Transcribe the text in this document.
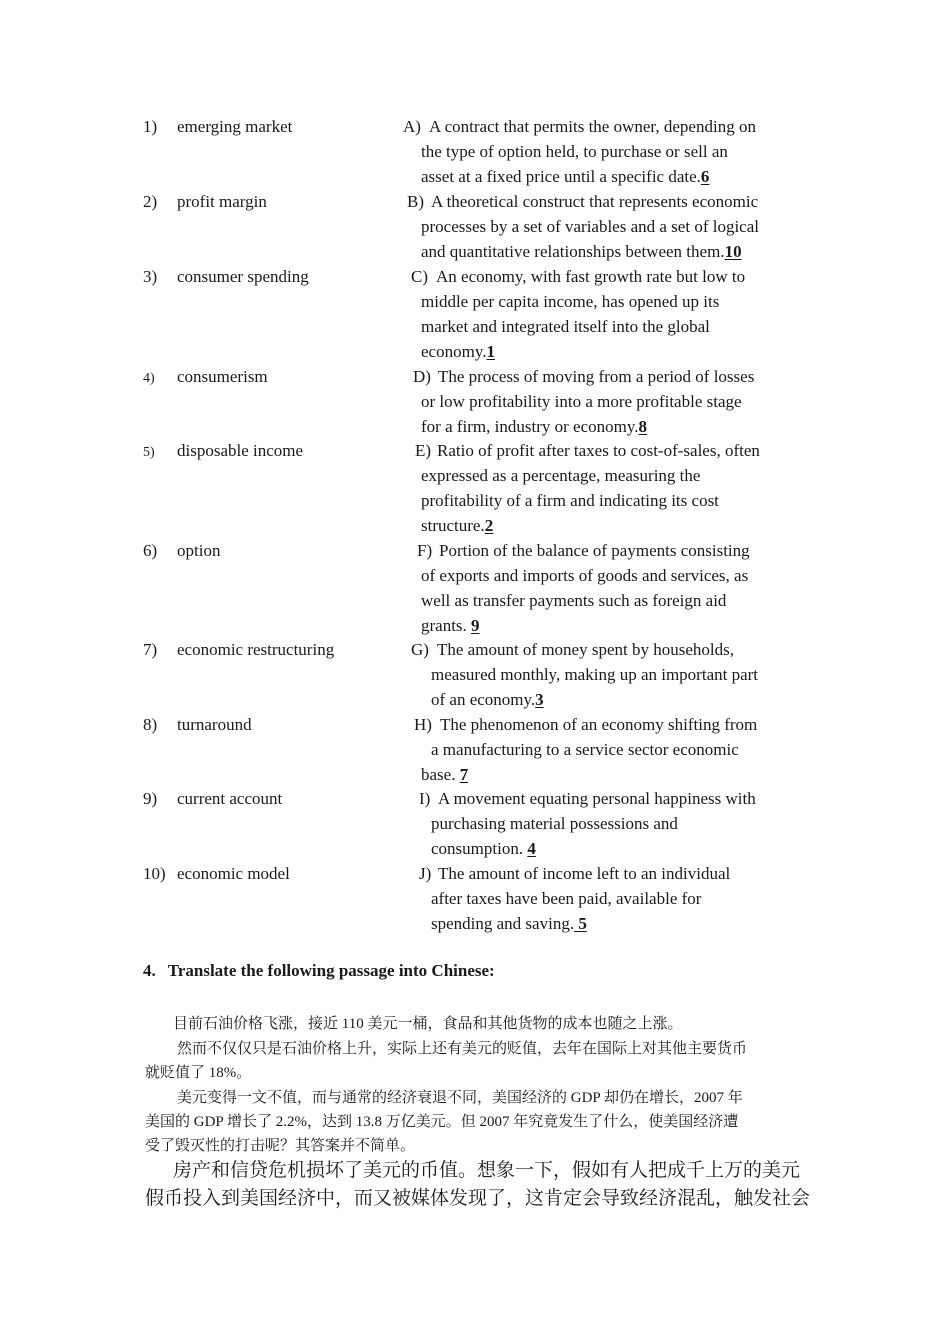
1) emerging market
2) profit margin
3) consumer spending
4) consumerism
5) disposable income
6) option
7) economic restructuring
8) turnaround
9) current account
10) economic model
A) A contract that permits the owner, depending on
the type of option held, to purchase or sell an
asset at a fixed price until a specific date.6
B) A theoretical construct that represents economic
processes by a set of variables and a set of logical
and quantitative relationships between them.10
C) An economy, with fast growth rate but low to
middle per capita income, has opened up its
market and integrated itself into the global
economy.1
D) The process of moving from a period of losses
or low profitability into a more profitable stage
for a firm, industry or economy.8
E) Ratio of profit after taxes to cost-of-sales, often
expressed as a percentage, measuring the
profitability of a firm and indicating its cost
structure.2
F) Portion of the balance of payments consisting
of exports and imports of goods and services, as
well as transfer payments such as foreign aid
grants. 9
G) The amount of money spent by households,
measured monthly, making up an important part
of an economy.3
H) The phenomenon of an economy shifting from
a manufacturing to a service sector economic
base. 7
I) A movement equating personal happiness with
purchasing material possessions and
consumption. 4
J) The amount of income left to an individual
after taxes have been paid, available for
spending and saving. 5
4. Translate the following passage into Chinese:
目前石油价格飞涨，接近 110 美元一桶，食品和其他货物的成本也随之上涨。
然而不仅仅只是石油价格上升，实际上还有美元的贬值，去年在国际上对其他主要货币
就贬值了 18%。
美元变得一文不值，而与通常的经济衰退不同，美国经济的 GDP 却仍在增长，2007 年
美国的 GDP 增长了 2.2%，达到 13.8 万亿美元。但 2007 年究竟发生了什么，使美国经济遭
受了毁灭性的打击呢？其答案并不简单。
房产和信贷危机损坏了美元的币值。想象一下，假如有人把成千上万的美元
假币投入到美国经济中，而又被媒体发现了，这肯定会导致经济混乱，触发社会
